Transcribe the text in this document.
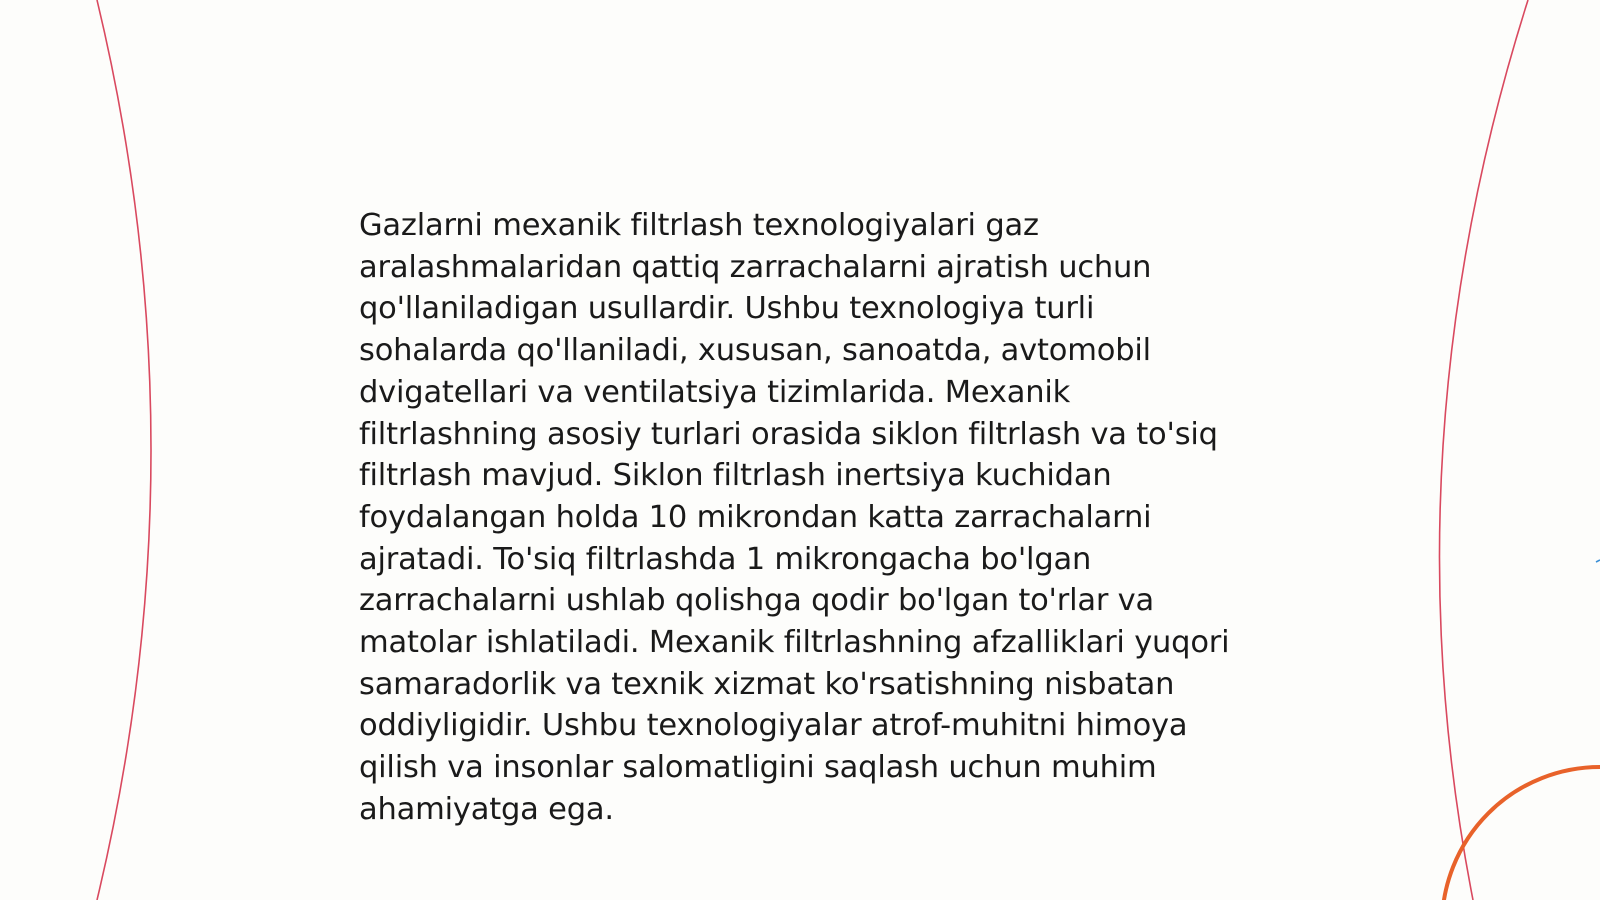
Gazlarni mexanik filtrlash texnologiyalari gaz aralashmalaridan qattiq zarrachalarni ajratish uchun qo'llaniladigan usullardir. Ushbu texnologiya turli sohalarda qo'llaniladi, xususan, sanoatda, avtomobil dvigatellari va ventilatsiya tizimlarida. Mexanik filtrlashning asosiy turlari orasida siklon filtrlash va to'siq filtrlash mavjud. Siklon filtrlash inertsiya kuchidan foydalangan holda 10 mikrondan katta zarrachalarni ajratadi. To'siq filtrlashda 1 mikrongacha bo'lgan zarrachalarni ushlab qolishga qodir bo'lgan to'rlar va matolar ishlatiladi. Mexanik filtrlashning afzalliklari yuqori samaradorlik va texnik xizmat ko'rsatishning nisbatan oddiyligidir. Ushbu texnologiyalar atrof-muhitni himoya qilish va insonlar salomatligini saqlash uchun muhim ahamiyatga ega.
